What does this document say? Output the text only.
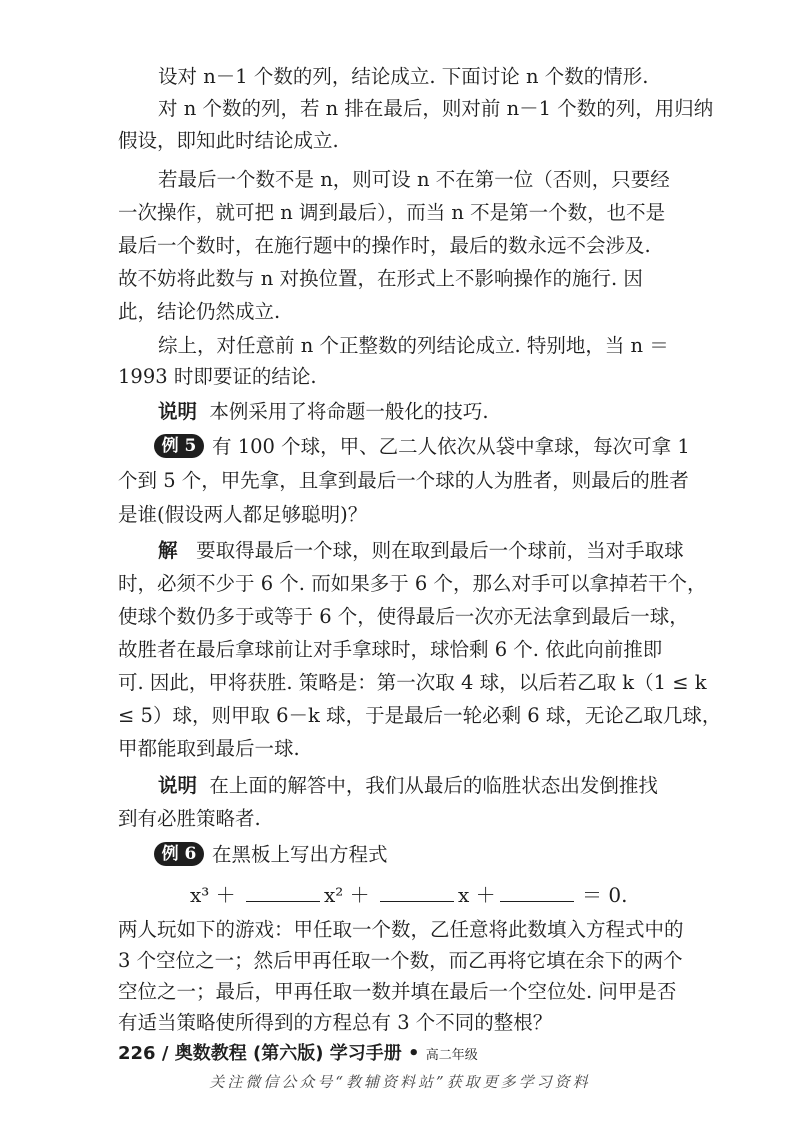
设对 n－1 个数的列，结论成立. 下面讨论 n 个数的情形.
对 n 个数的列，若 n 排在最后，则对前 n－1 个数的列，用归纳
假设，即知此时结论成立.
若最后一个数不是 n，则可设 n 不在第一位（否则，只要经
一次操作，就可把 n 调到最后），而当 n 不是第一个数，也不是
最后一个数时，在施行题中的操作时，最后的数永远不会涉及.
故不妨将此数与 n 对换位置，在形式上不影响操作的施行. 因
此，结论仍然成立.
综上，对任意前 n 个正整数的列结论成立. 特别地，当 n ＝
1993 时即要证的结论.
说明 本例采用了将命题一般化的技巧.
例 5 有 100 个球，甲、乙二人依次从袋中拿球，每次可拿 1
个到 5 个，甲先拿，且拿到最后一个球的人为胜者，则最后的胜者
是谁(假设两人都足够聪明)？
解 要取得最后一个球，则在取到最后一个球前，当对手取球
时，必须不少于 6 个. 而如果多于 6 个，那么对手可以拿掉若干个，
使球个数仍多于或等于 6 个，使得最后一次亦无法拿到最后一球，
故胜者在最后拿球前让对手拿球时，球恰剩 6 个. 依此向前推即
可. 因此，甲将获胜. 策略是：第一次取 4 球，以后若乙取 k（1 ≤ k
≤ 5）球，则甲取 6－k 球，于是最后一轮必剩 6 球，无论乙取几球，
甲都能取到最后一球.
说明 在上面的解答中，我们从最后的临胜状态出发倒推找
到有必胜策略者.
例 6 在黑板上写出方程式
x³ ＋	x² ＋	x ＋	＝ 0.
两人玩如下的游戏：甲任取一个数，乙任意将此数填入方程式中的
226 / 奥数教程 (第六版) 学习手册 • 高二年级
关注微信公众号“教辅资料站”获取更多学习资料
3 个空位之一；然后甲再任取一个数，而乙再将它填在余下的两个
空位之一；最后，甲再任取一数并填在最后一个空位处. 问甲是否
有适当策略使所得到的方程总有 3 个不同的整根？
